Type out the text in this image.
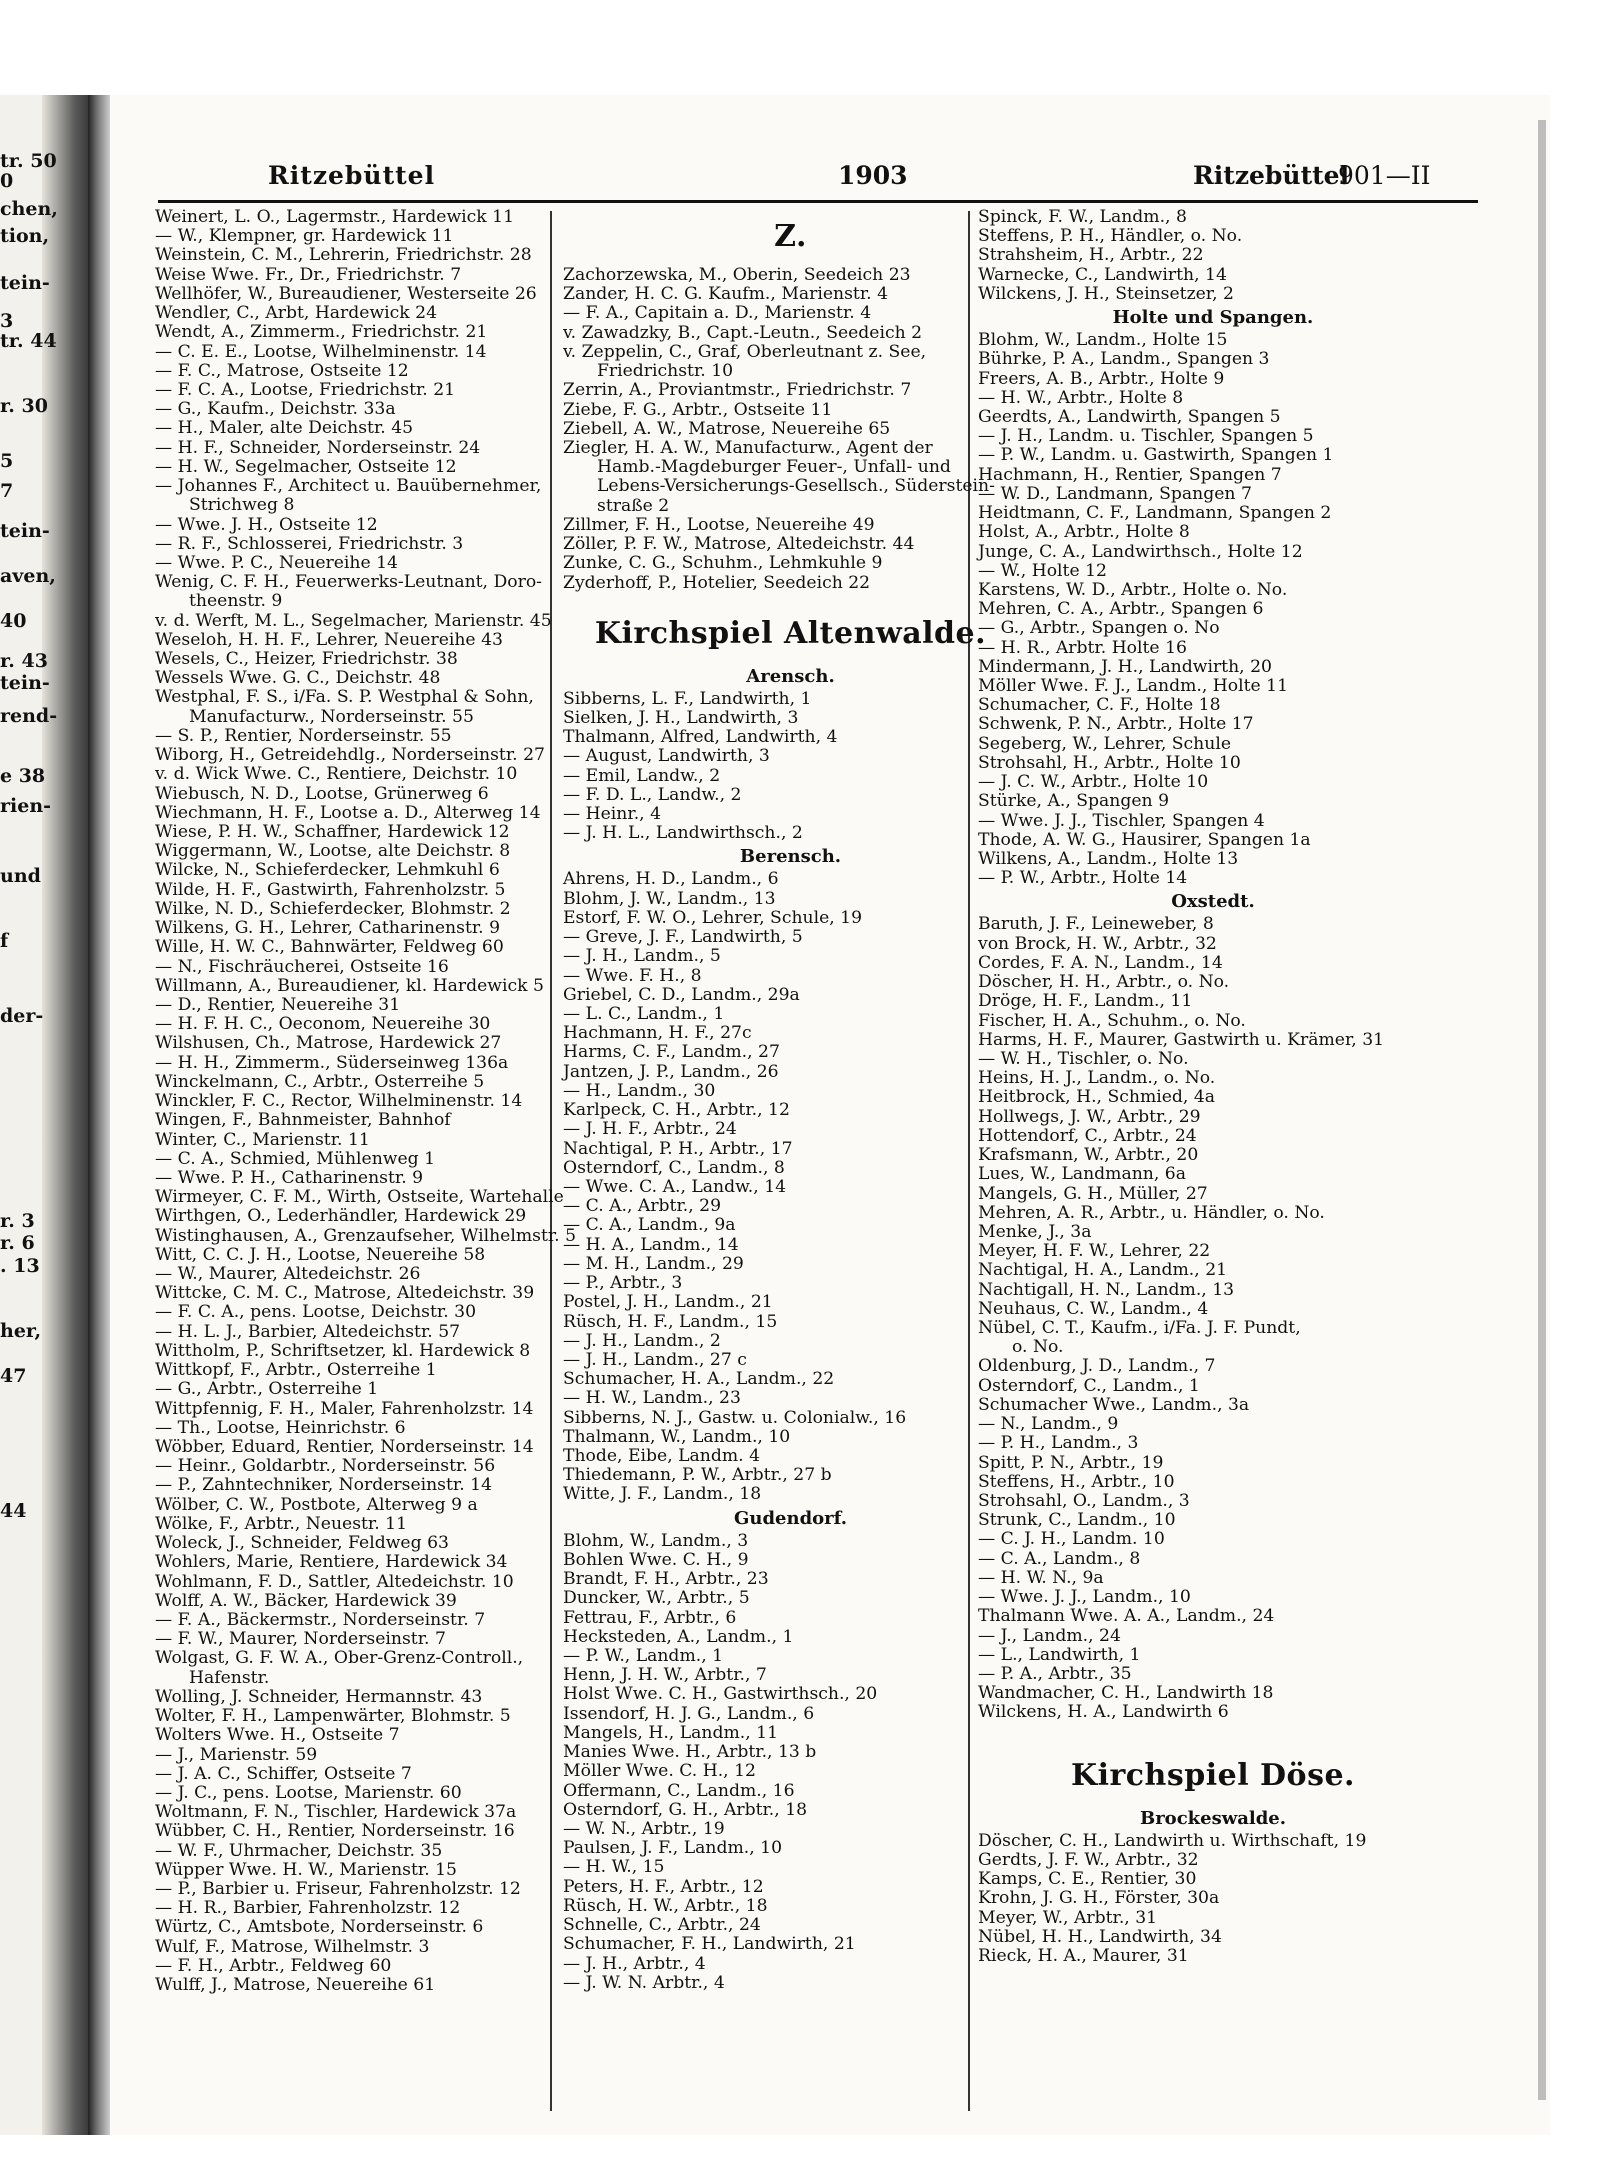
tr. 50
0
chen,
tion,
tein-
3
tr. 44
r. 30
5
7
tein-
aven,
40
r. 43
tein-
rend-
e 38
rien-
und
f
der-
r. 3
r. 6
. 13
her,
47
44
Ritzebüttel	1903	Ritzebüttel
901—II
Weinert, L. O., Lagermstr., Hardewick 11
— W., Klempner, gr. Hardewick 11
Weinstein, C. M., Lehrerin, Friedrichstr. 28
Weise Wwe. Fr., Dr., Friedrichstr. 7
Wellhöfer, W., Bureaudiener, Westerseite 26
Wendler, C., Arbt, Hardewick 24
Wendt, A., Zimmerm., Friedrichstr. 21
— C. E. E., Lootse, Wilhelminenstr. 14
— F. C., Matrose, Ostseite 12
— F. C. A., Lootse, Friedrichstr. 21
— G., Kaufm., Deichstr. 33a
— H., Maler, alte Deichstr. 45
— H. F., Schneider, Norderseinstr. 24
— H. W., Segelmacher, Ostseite 12
— Johannes F., Architect u. Bauübernehmer,
Strichweg 8
— Wwe. J. H., Ostseite 12
— R. F., Schlosserei, Friedrichstr. 3
— Wwe. P. C., Neuereihe 14
Wenig, C. F. H., Feuerwerks-Leutnant, Doro-
theenstr. 9
v. d. Werft, M. L., Segelmacher, Marienstr. 45
Weseloh, H. H. F., Lehrer, Neuereihe 43
Wesels, C., Heizer, Friedrichstr. 38
Wessels Wwe. G. C., Deichstr. 48
Westphal, F. S., i/Fa. S. P. Westphal & Sohn,
Manufacturw., Norderseinstr. 55
— S. P., Rentier, Norderseinstr. 55
Wiborg, H., Getreidehdlg., Norderseinstr. 27
v. d. Wick Wwe. C., Rentiere, Deichstr. 10
Wiebusch, N. D., Lootse, Grünerweg 6
Wiechmann, H. F., Lootse a. D., Alterweg 14
Wiese, P. H. W., Schaffner, Hardewick 12
Wiggermann, W., Lootse, alte Deichstr. 8
Wilcke, N., Schieferdecker, Lehmkuhl 6
Wilde, H. F., Gastwirth, Fahrenholzstr. 5
Wilke, N. D., Schieferdecker, Blohmstr. 2
Wilkens, G. H., Lehrer, Catharinenstr. 9
Wille, H. W. C., Bahnwärter, Feldweg 60
— N., Fischräucherei, Ostseite 16
Willmann, A., Bureaudiener, kl. Hardewick 5
— D., Rentier, Neuereihe 31
— H. F. H. C., Oeconom, Neuereihe 30
Wilshusen, Ch., Matrose, Hardewick 27
— H. H., Zimmerm., Süderseinweg 136a
Winckelmann, C., Arbtr., Osterreihe 5
Winckler, F. C., Rector, Wilhelminenstr. 14
Wingen, F., Bahnmeister, Bahnhof
Winter, C., Marienstr. 11
— C. A., Schmied, Mühlenweg 1
— Wwe. P. H., Catharinenstr. 9
Wirmeyer, C. F. M., Wirth, Ostseite, Wartehalle
Wirthgen, O., Lederhändler, Hardewick 29
Wistinghausen, A., Grenzaufseher, Wilhelmstr. 5
Witt, C. C. J. H., Lootse, Neuereihe 58
— W., Maurer, Altedeichstr. 26
Wittcke, C. M. C., Matrose, Altedeichstr. 39
— F. C. A., pens. Lootse, Deichstr. 30
— H. L. J., Barbier, Altedeichstr. 57
Wittholm, P., Schriftsetzer, kl. Hardewick 8
Wittkopf, F., Arbtr., Osterreihe 1
— G., Arbtr., Osterreihe 1
Wittpfennig, F. H., Maler, Fahrenholzstr. 14
— Th., Lootse, Heinrichstr. 6
Wöbber, Eduard, Rentier, Norderseinstr. 14
— Heinr., Goldarbtr., Norderseinstr. 56
— P., Zahntechniker, Norderseinstr. 14
Wölber, C. W., Postbote, Alterweg 9 a
Wölke, F., Arbtr., Neuestr. 11
Woleck, J., Schneider, Feldweg 63
Wohlers, Marie, Rentiere, Hardewick 34
Wohlmann, F. D., Sattler, Altedeichstr. 10
Wolff, A. W., Bäcker, Hardewick 39
— F. A., Bäckermstr., Norderseinstr. 7
— F. W., Maurer, Norderseinstr. 7
Wolgast, G. F. W. A., Ober-Grenz-Controll.,
Hafenstr.
Wolling, J. Schneider, Hermannstr. 43
Wolter, F. H., Lampenwärter, Blohmstr. 5
Wolters Wwe. H., Ostseite 7
— J., Marienstr. 59
— J. A. C., Schiffer, Ostseite 7
— J. C., pens. Lootse, Marienstr. 60
Woltmann, F. N., Tischler, Hardewick 37a
Wübber, C. H., Rentier, Norderseinstr. 16
— W. F., Uhrmacher, Deichstr. 35
Wüpper Wwe. H. W., Marienstr. 15
— P., Barbier u. Friseur, Fahrenholzstr. 12
— H. R., Barbier, Fahrenholzstr. 12
Würtz, C., Amtsbote, Norderseinstr. 6
Wulf, F., Matrose, Wilhelmstr. 3
— F. H., Arbtr., Feldweg 60
Wulff, J., Matrose, Neuereihe 61
Z.
Zachorzewska, M., Oberin, Seedeich 23
Zander, H. C. G. Kaufm., Marienstr. 4
— F. A., Capitain a. D., Marienstr. 4
v. Zawadzky, B., Capt.-Leutn., Seedeich 2
v. Zeppelin, C., Graf, Oberleutnant z. See,
Friedrichstr. 10
Zerrin, A., Proviantmstr., Friedrichstr. 7
Ziebe, F. G., Arbtr., Ostseite 11
Ziebell, A. W., Matrose, Neuereihe 65
Ziegler, H. A. W., Manufacturw., Agent der
Hamb.-Magdeburger Feuer-, Unfall- und
Lebens-Versicherungs-Gesellsch., Süderstein-
straße 2
Zillmer, F. H., Lootse, Neuereihe 49
Zöller, P. F. W., Matrose, Altedeichstr. 44
Zunke, C. G., Schuhm., Lehmkuhle 9
Zyderhoff, P., Hotelier, Seedeich 22
Kirchspiel Altenwalde.
Arensch.
Sibberns, L. F., Landwirth, 1
Sielken, J. H., Landwirth, 3
Thalmann, Alfred, Landwirth, 4
— August, Landwirth, 3
— Emil, Landw., 2
— F. D. L., Landw., 2
— Heinr., 4
— J. H. L., Landwirthsch., 2
Berensch.
Ahrens, H. D., Landm., 6
Blohm, J. W., Landm., 13
Estorf, F. W. O., Lehrer, Schule, 19
— Greve, J. F., Landwirth, 5
— J. H., Landm., 5
— Wwe. F. H., 8
Griebel, C. D., Landm., 29a
— L. C., Landm., 1
Hachmann, H. F., 27c
Harms, C. F., Landm., 27
Jantzen, J. P., Landm., 26
— H., Landm., 30
Karlpeck, C. H., Arbtr., 12
— J. H. F., Arbtr., 24
Nachtigal, P. H., Arbtr., 17
Osterndorf, C., Landm., 8
— Wwe. C. A., Landw., 14
— C. A., Arbtr., 29
— C. A., Landm., 9a
— H. A., Landm., 14
— M. H., Landm., 29
— P., Arbtr., 3
Postel, J. H., Landm., 21
Rüsch, H. F., Landm., 15
— J. H., Landm., 2
— J. H., Landm., 27 c
Schumacher, H. A., Landm., 22
— H. W., Landm., 23
Sibberns, N. J., Gastw. u. Colonialw., 16
Thalmann, W., Landm., 10
Thode, Eibe, Landm. 4
Thiedemann, P. W., Arbtr., 27 b
Witte, J. F., Landm., 18
Gudendorf.
Blohm, W., Landm., 3
Bohlen Wwe. C. H., 9
Brandt, F. H., Arbtr., 23
Duncker, W., Arbtr., 5
Fettrau, F., Arbtr., 6
Hecksteden, A., Landm., 1
— P. W., Landm., 1
Henn, J. H. W., Arbtr., 7
Holst Wwe. C. H., Gastwirthsch., 20
Issendorf, H. J. G., Landm., 6
Mangels, H., Landm., 11
Manies Wwe. H., Arbtr., 13 b
Möller Wwe. C. H., 12
Offermann, C., Landm., 16
Osterndorf, G. H., Arbtr., 18
— W. N., Arbtr., 19
Paulsen, J. F., Landm., 10
— H. W., 15
Peters, H. F., Arbtr., 12
Rüsch, H. W., Arbtr., 18
Schnelle, C., Arbtr., 24
Schumacher, F. H., Landwirth, 21
— J. H., Arbtr., 4
— J. W. N. Arbtr., 4
Spinck, F. W., Landm., 8
Steffens, P. H., Händler, o. No.
Strahsheim, H., Arbtr., 22
Warnecke, C., Landwirth, 14
Wilckens, J. H., Steinsetzer, 2
Holte und Spangen.
Blohm, W., Landm., Holte 15
Bührke, P. A., Landm., Spangen 3
Freers, A. B., Arbtr., Holte 9
— H. W., Arbtr., Holte 8
Geerdts, A., Landwirth, Spangen 5
— J. H., Landm. u. Tischler, Spangen 5
— P. W., Landm. u. Gastwirth, Spangen 1
Hachmann, H., Rentier, Spangen 7
— W. D., Landmann, Spangen 7
Heidtmann, C. F., Landmann, Spangen 2
Holst, A., Arbtr., Holte 8
Junge, C. A., Landwirthsch., Holte 12
— W., Holte 12
Karstens, W. D., Arbtr., Holte o. No.
Mehren, C. A., Arbtr., Spangen 6
— G., Arbtr., Spangen o. No
— H. R., Arbtr. Holte 16
Mindermann, J. H., Landwirth, 20
Möller Wwe. F. J., Landm., Holte 11
Schumacher, C. F., Holte 18
Schwenk, P. N., Arbtr., Holte 17
Segeberg, W., Lehrer, Schule
Strohsahl, H., Arbtr., Holte 10
— J. C. W., Arbtr., Holte 10
Stürke, A., Spangen 9
— Wwe. J. J., Tischler, Spangen 4
Thode, A. W. G., Hausirer, Spangen 1a
Wilkens, A., Landm., Holte 13
— P. W., Arbtr., Holte 14
Oxstedt.
Baruth, J. F., Leineweber, 8
von Brock, H. W., Arbtr., 32
Cordes, F. A. N., Landm., 14
Döscher, H. H., Arbtr., o. No.
Dröge, H. F., Landm., 11
Fischer, H. A., Schuhm., o. No.
Harms, H. F., Maurer, Gastwirth u. Krämer, 31
— W. H., Tischler, o. No.
Heins, H. J., Landm., o. No.
Heitbrock, H., Schmied, 4a
Hollwegs, J. W., Arbtr., 29
Hottendorf, C., Arbtr., 24
Krafsmann, W., Arbtr., 20
Lues, W., Landmann, 6a
Mangels, G. H., Müller, 27
Mehren, A. R., Arbtr., u. Händler, o. No.
Menke, J., 3a
Meyer, H. F. W., Lehrer, 22
Nachtigal, H. A., Landm., 21
Nachtigall, H. N., Landm., 13
Neuhaus, C. W., Landm., 4
Nübel, C. T., Kaufm., i/Fa. J. F. Pundt,
o. No.
Oldenburg, J. D., Landm., 7
Osterndorf, C., Landm., 1
Schumacher Wwe., Landm., 3a
— N., Landm., 9
— P. H., Landm., 3
Spitt, P. N., Arbtr., 19
Steffens, H., Arbtr., 10
Strohsahl, O., Landm., 3
Strunk, C., Landm., 10
— C. J. H., Landm. 10
— C. A., Landm., 8
— H. W. N., 9a
— Wwe. J. J., Landm., 10
Thalmann Wwe. A. A., Landm., 24
— J., Landm., 24
— L., Landwirth, 1
— P. A., Arbtr., 35
Wandmacher, C. H., Landwirth 18
Wilckens, H. A., Landwirth 6
Kirchspiel Döse.
Brockeswalde.
Döscher, C. H., Landwirth u. Wirthschaft, 19
Gerdts, J. F. W., Arbtr., 32
Kamps, C. E., Rentier, 30
Krohn, J. G. H., Förster, 30a
Meyer, W., Arbtr., 31
Nübel, H. H., Landwirth, 34
Rieck, H. A., Maurer, 31
